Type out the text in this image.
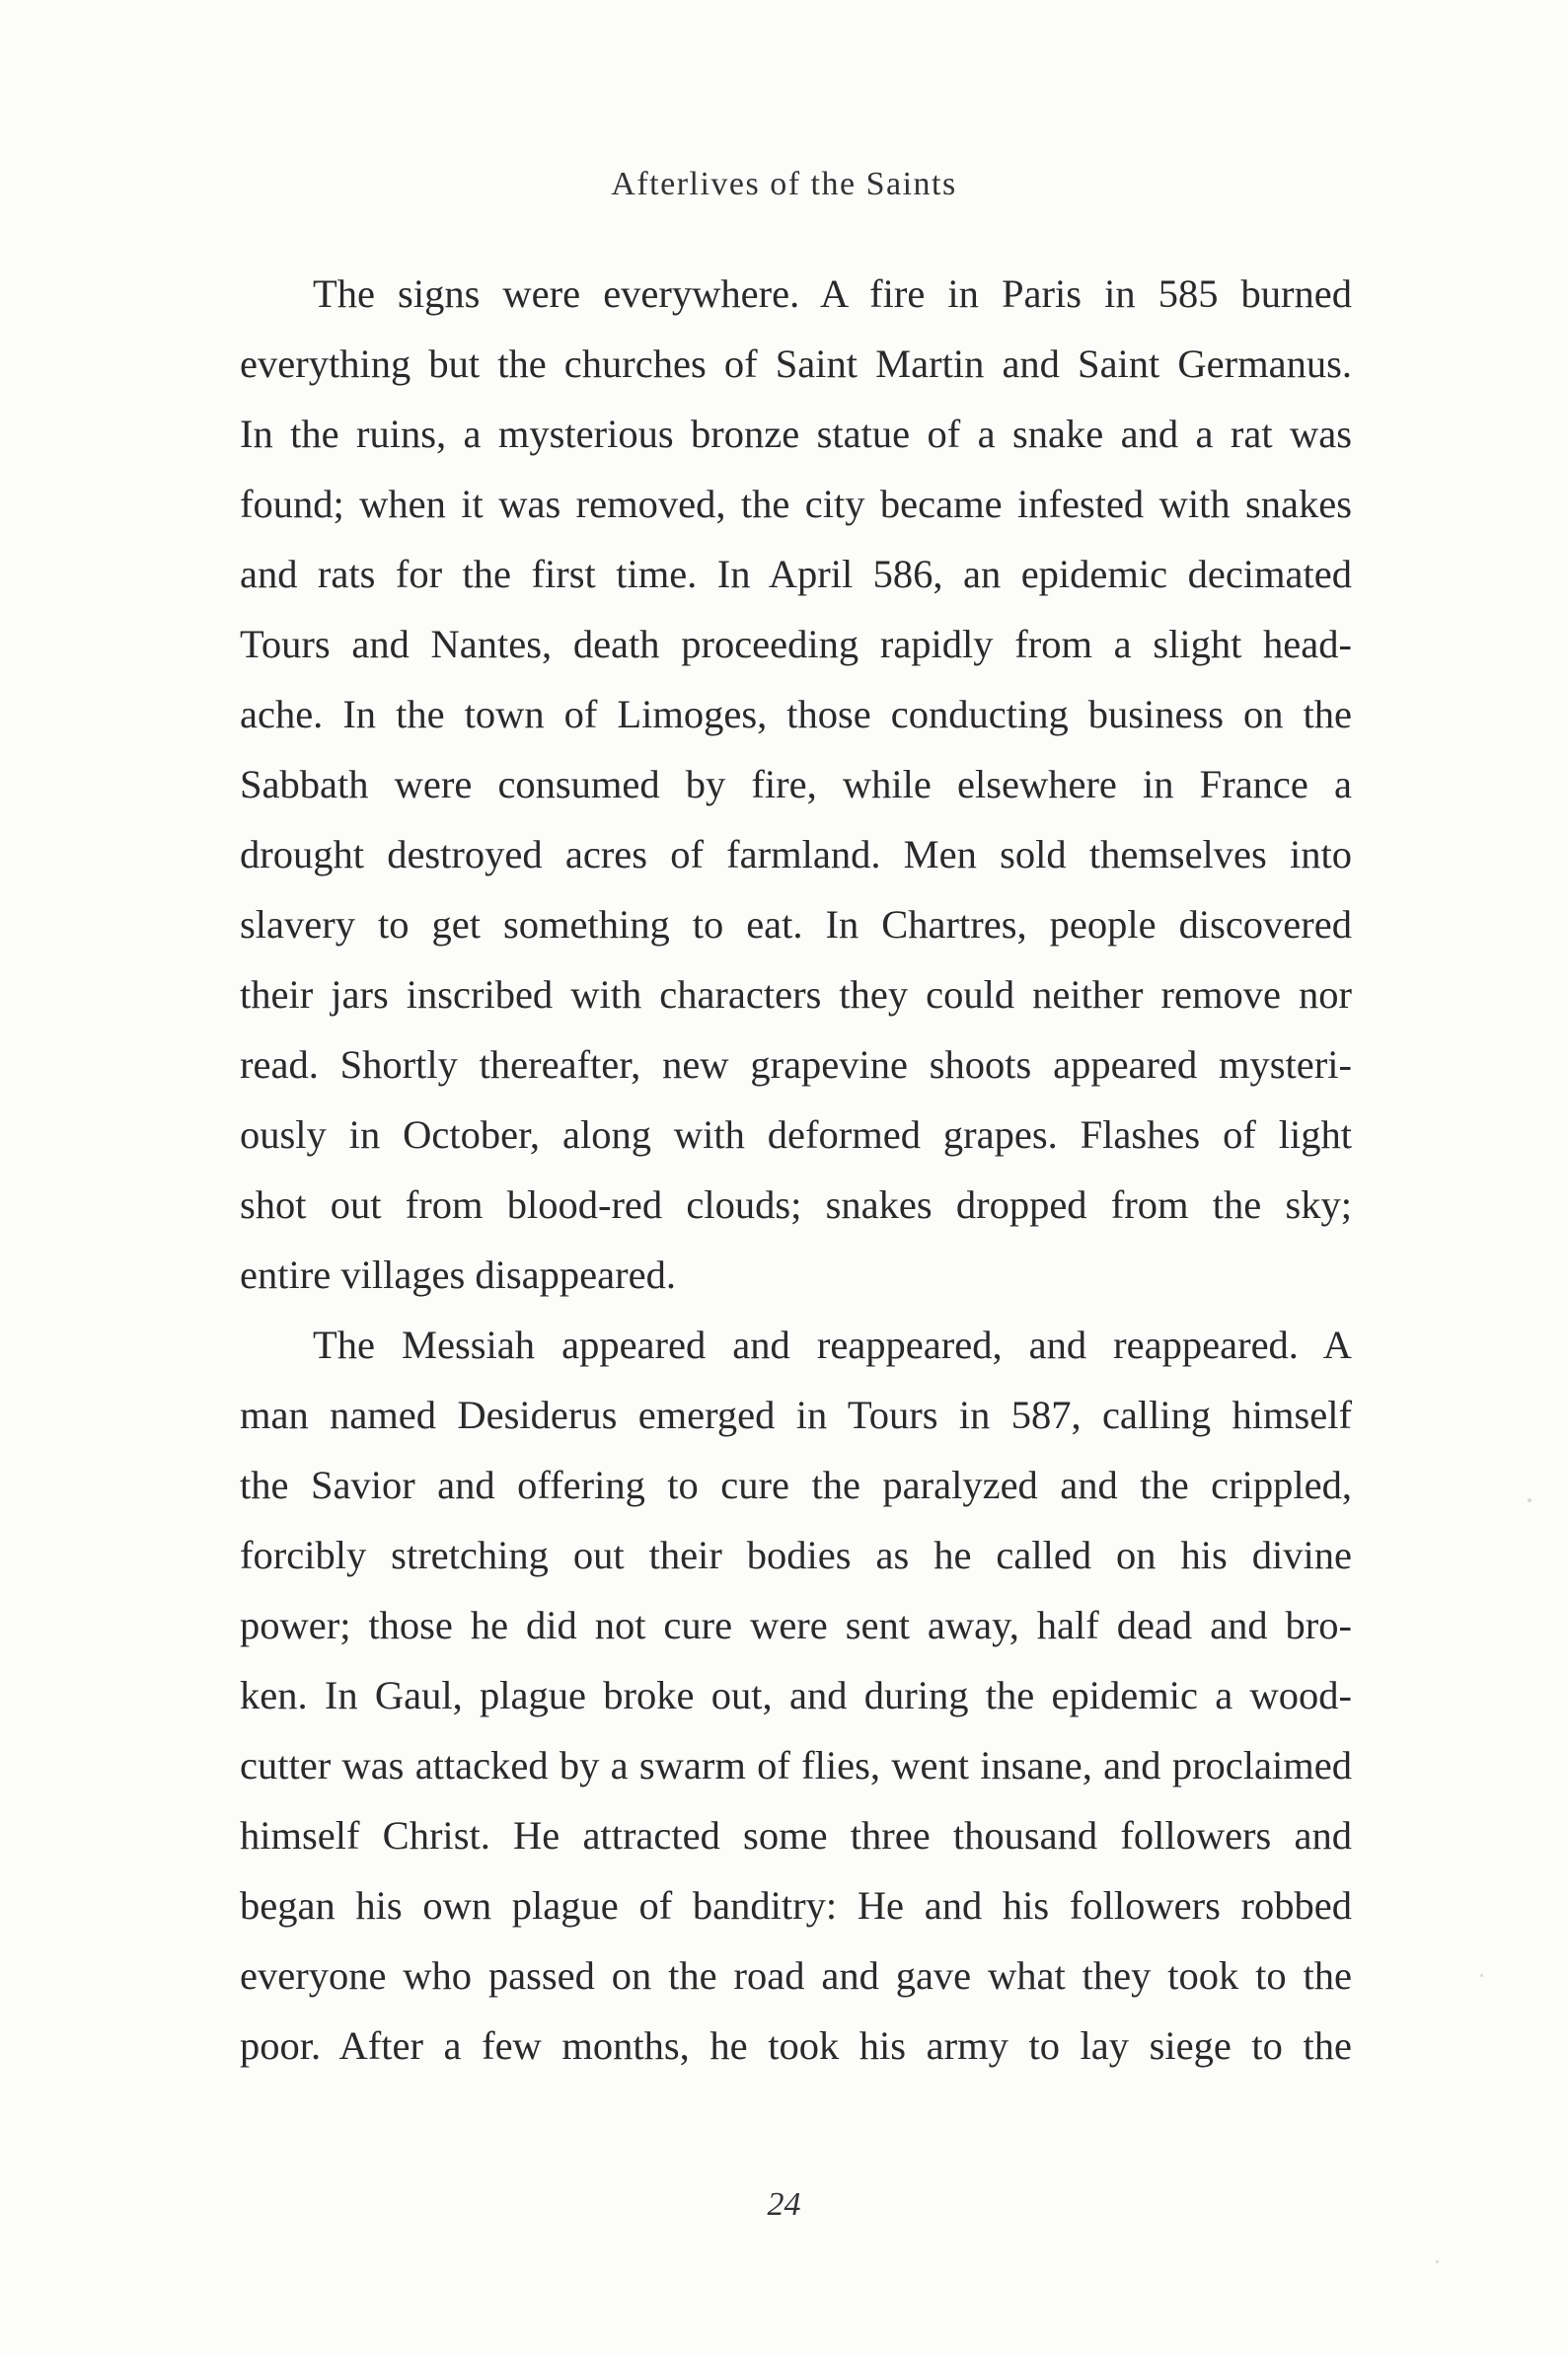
Afterlives of the Saints
The signs were everywhere. A fire in Paris in 585 burned
everything but the churches of Saint Martin and Saint Germanus.
In the ruins, a mysterious bronze statue of a snake and a rat was
found; when it was removed, the city became infested with snakes
and rats for the first time. In April 586, an epidemic decimated
Tours and Nantes, death proceeding rapidly from a slight head-
ache. In the town of Limoges, those conducting business on the
Sabbath were consumed by fire, while elsewhere in France a
drought destroyed acres of farmland. Men sold themselves into
slavery to get something to eat. In Chartres, people discovered
their jars inscribed with characters they could neither remove nor
read. Shortly thereafter, new grapevine shoots appeared mysteri-
ously in October, along with deformed grapes. Flashes of light
shot out from blood-red clouds; snakes dropped from the sky;
entire villages disappeared.
The Messiah appeared and reappeared, and reappeared. A
man named Desiderus emerged in Tours in 587, calling himself
the Savior and offering to cure the paralyzed and the crippled,
forcibly stretching out their bodies as he called on his divine
power; those he did not cure were sent away, half dead and bro-
ken. In Gaul, plague broke out, and during the epidemic a wood-
cutter was attacked by a swarm of flies, went insane, and proclaimed
himself Christ. He attracted some three thousand followers and
began his own plague of banditry: He and his followers robbed
everyone who passed on the road and gave what they took to the
poor. After a few months, he took his army to lay siege to the
24
